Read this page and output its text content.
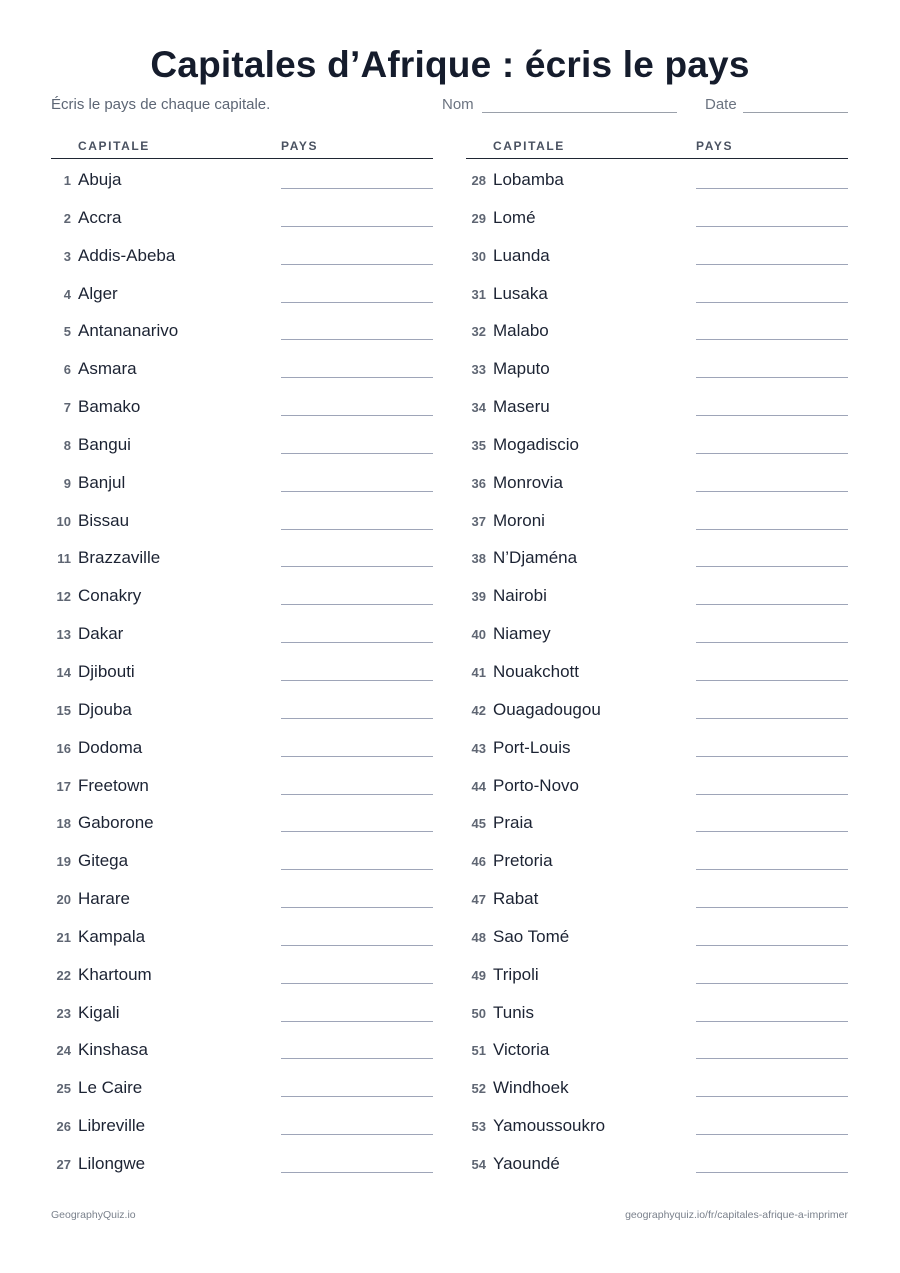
Capitales d’Afrique : écris le pays
Écris le pays de chaque capitale.	Nom	Date
CAPITALE	PAYS
1 Abuja
2 Accra
3 Addis-Abeba
4 Alger
5 Antananarivo
6 Asmara
7 Bamako
8 Bangui
9 Banjul
10 Bissau
11 Brazzaville
12 Conakry
13 Dakar
14 Djibouti
15 Djouba
16 Dodoma
17 Freetown
18 Gaborone
19 Gitega
20 Harare
21 Kampala
22 Khartoum
23 Kigali
24 Kinshasa
25 Le Caire
26 Libreville
27 Lilongwe
CAPITALE	PAYS
28 Lobamba
29 Lomé
30 Luanda
31 Lusaka
32 Malabo
33 Maputo
34 Maseru
35 Mogadiscio
36 Monrovia
37 Moroni
38 N’Djaména
39 Nairobi
40 Niamey
41 Nouakchott
42 Ouagadougou
43 Port-Louis
44 Porto-Novo
45 Praia
46 Pretoria
47 Rabat
48 Sao Tomé
49 Tripoli
50 Tunis
51 Victoria
52 Windhoek
53 Yamoussoukro
54 Yaoundé
GeographyQuiz.io	geographyquiz.io/fr/capitales-afrique-a-imprimer
